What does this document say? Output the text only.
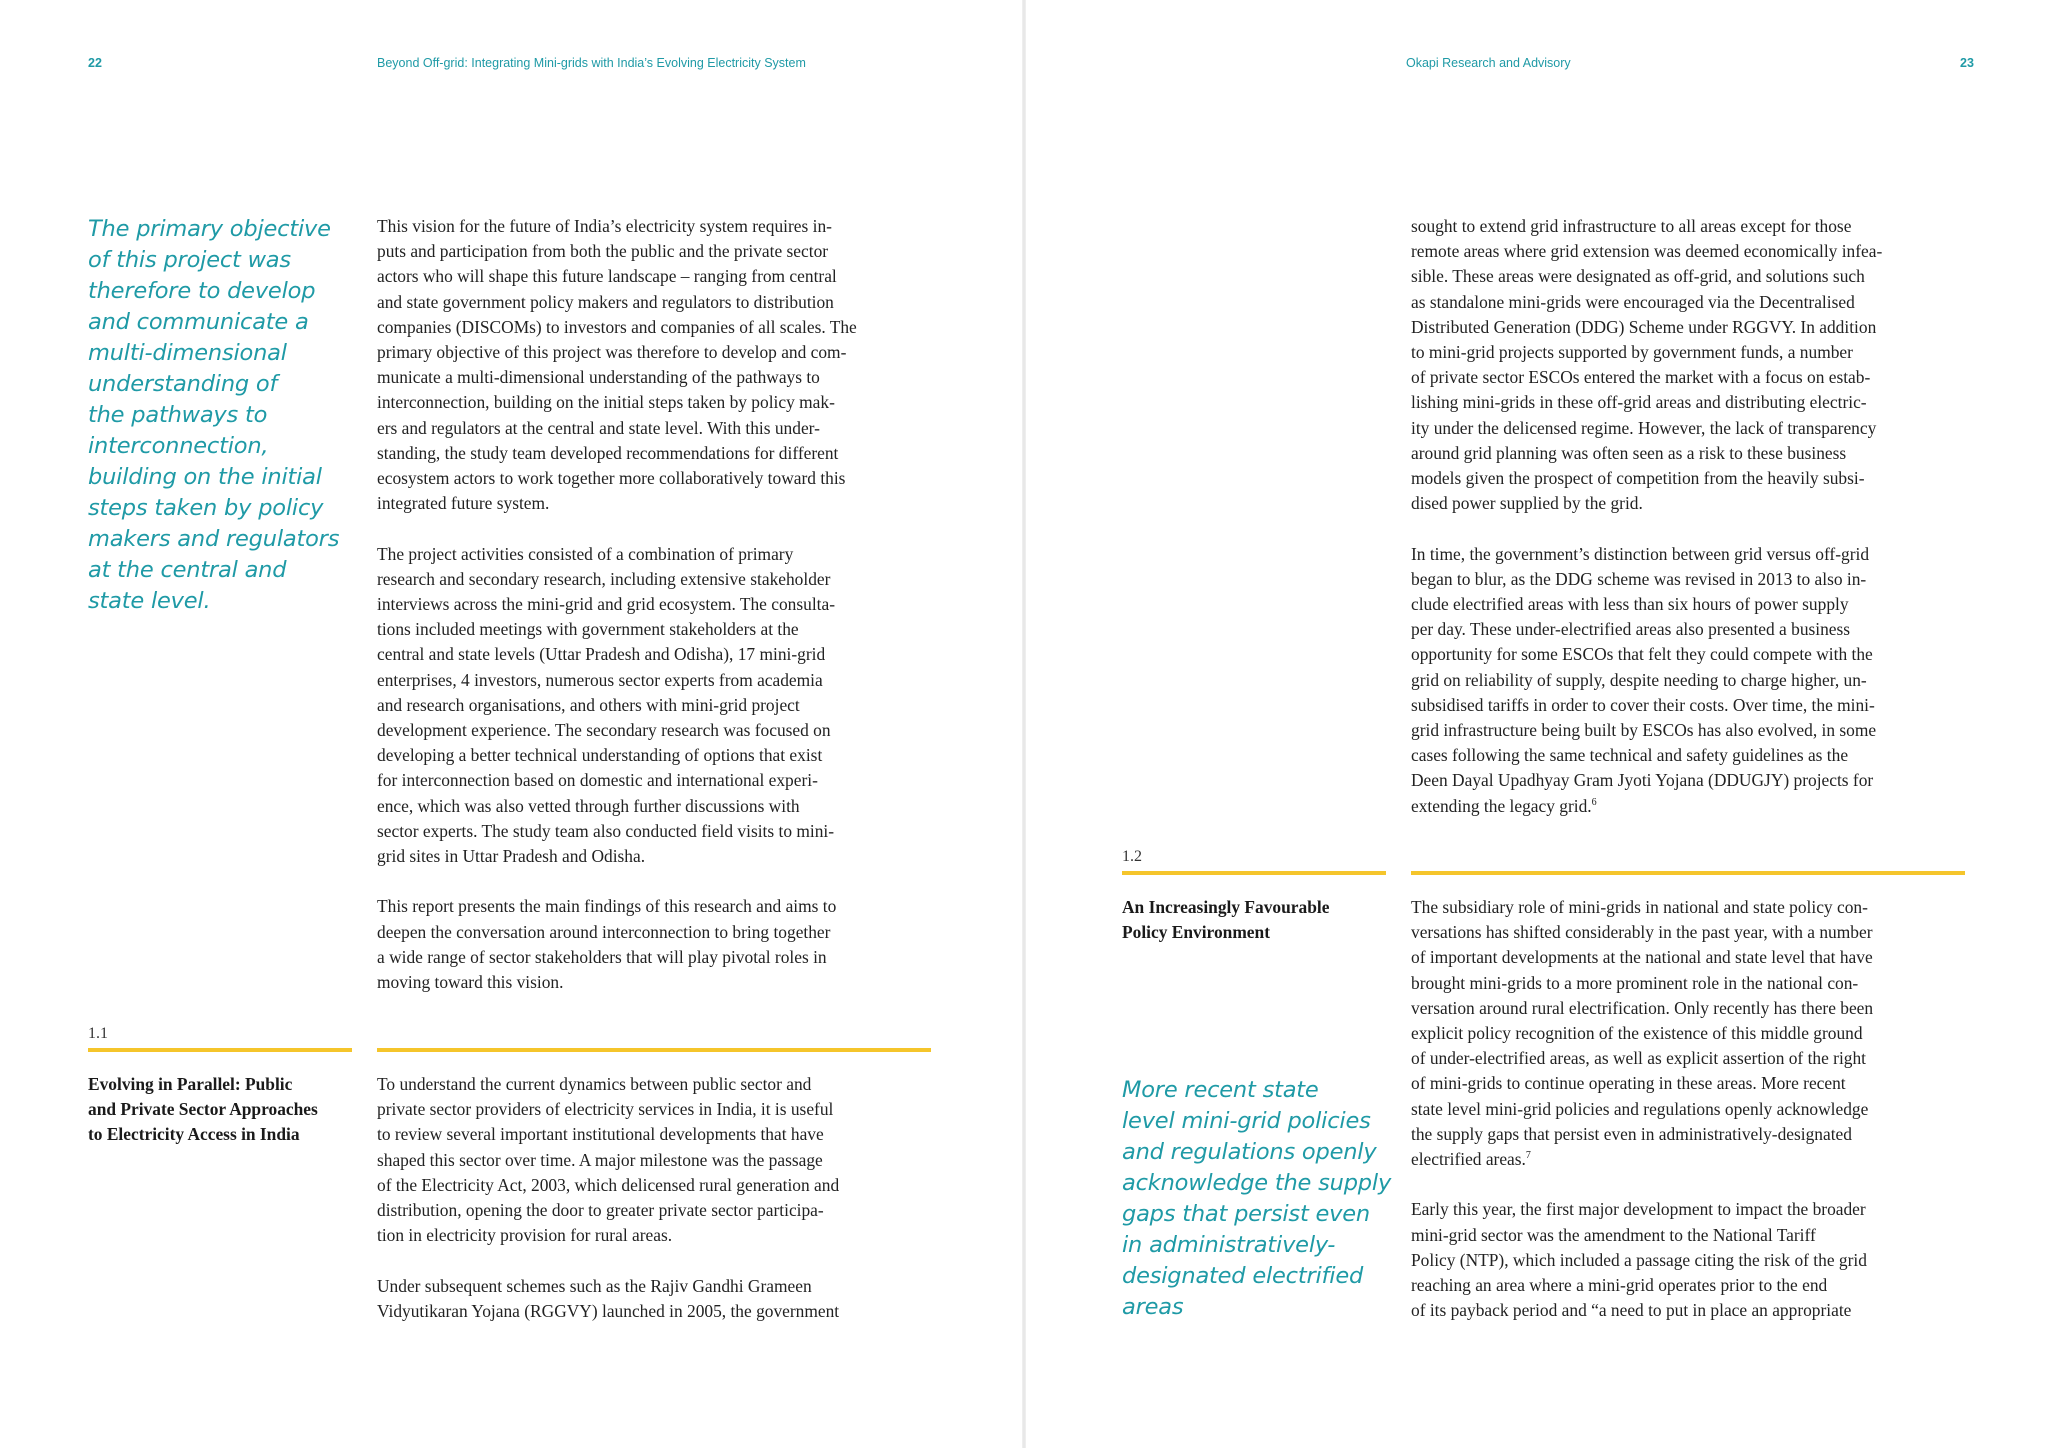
22	Beyond Off-grid: Integrating Mini-grids with India’s Evolving Electricity System
The primary objective
of this project was
therefore to develop
and communicate a
multi-dimensional
understanding of
the pathways to
interconnection,
building on the initial
steps taken by policy
makers and regulators
at the central and
state level.
This vision for the future of India’s electricity system requires in-
puts and participation from both the public and the private sector
actors who will shape this future landscape – ranging from central
and state government policy makers and regulators to distribution
companies (DISCOMs) to investors and companies of all scales. The
primary objective of this project was therefore to develop and com-
municate a multi-dimensional understanding of the pathways to
interconnection, building on the initial steps taken by policy mak-
ers and regulators at the central and state level. With this under-
standing, the study team developed recommendations for different
ecosystem actors to work together more collaboratively toward this
integrated future system.
The project activities consisted of a combination of primary
research and secondary research, including extensive stakeholder
interviews across the mini-grid and grid ecosystem. The consulta-
tions included meetings with government stakeholders at the
central and state levels (Uttar Pradesh and Odisha), 17 mini-grid
enterprises, 4 investors, numerous sector experts from academia
and research organisations, and others with mini-grid project
development experience. The secondary research was focused on
developing a better technical understanding of options that exist
for interconnection based on domestic and international experi-
ence, which was also vetted through further discussions with
sector experts. The study team also conducted field visits to mini-
grid sites in Uttar Pradesh and Odisha.
This report presents the main findings of this research and aims to
deepen the conversation around interconnection to bring together
a wide range of sector stakeholders that will play pivotal roles in
moving toward this vision.
1.1
Evolving in Parallel: Public
and Private Sector Approaches
to Electricity Access in India
To understand the current dynamics between public sector and
private sector providers of electricity services in India, it is useful
to review several important institutional developments that have
shaped this sector over time. A major milestone was the passage
of the Electricity Act, 2003, which delicensed rural generation and
distribution, opening the door to greater private sector participa-
tion in electricity provision for rural areas.
Under subsequent schemes such as the Rajiv Gandhi Grameen
Vidyutikaran Yojana (RGGVY) launched in 2005, the government
Okapi Research and Advisory	23
sought to extend grid infrastructure to all areas except for those
remote areas where grid extension was deemed economically infea-
sible. These areas were designated as off-grid, and solutions such
as standalone mini-grids were encouraged via the Decentralised
Distributed Generation (DDG) Scheme under RGGVY. In addition
to mini-grid projects supported by government funds, a number
of private sector ESCOs entered the market with a focus on estab-
lishing mini-grids in these off-grid areas and distributing electric-
ity under the delicensed regime. However, the lack of transparency
around grid planning was often seen as a risk to these business
models given the prospect of competition from the heavily subsi-
dised power supplied by the grid.
In time, the government’s distinction between grid versus off-grid
began to blur, as the DDG scheme was revised in 2013 to also in-
clude electrified areas with less than six hours of power supply
per day. These under-electrified areas also presented a business
opportunity for some ESCOs that felt they could compete with the
grid on reliability of supply, despite needing to charge higher, un-
subsidised tariffs in order to cover their costs. Over time, the mini-
grid infrastructure being built by ESCOs has also evolved, in some
cases following the same technical and safety guidelines as the
Deen Dayal Upadhyay Gram Jyoti Yojana (DDUGJY) projects for
extending the legacy grid.$^6$
1.2
An Increasingly Favourable
Policy Environment
More recent state
level mini-grid policies
and regulations openly
acknowledge the supply
gaps that persist even
in administratively-
designated electrified
areas
The subsidiary role of mini-grids in national and state policy con-
versations has shifted considerably in the past year, with a number
of important developments at the national and state level that have
brought mini-grids to a more prominent role in the national con-
versation around rural electrification. Only recently has there been
explicit policy recognition of the existence of this middle ground
of under-electrified areas, as well as explicit assertion of the right
of mini-grids to continue operating in these areas. More recent
state level mini-grid policies and regulations openly acknowledge
the supply gaps that persist even in administratively-designated
electrified areas.$^7$
Early this year, the first major development to impact the broader
mini-grid sector was the amendment to the National Tariff
Policy (NTP), which included a passage citing the risk of the grid
reaching an area where a mini-grid operates prior to the end
of its payback period and “a need to put in place an appropriate
